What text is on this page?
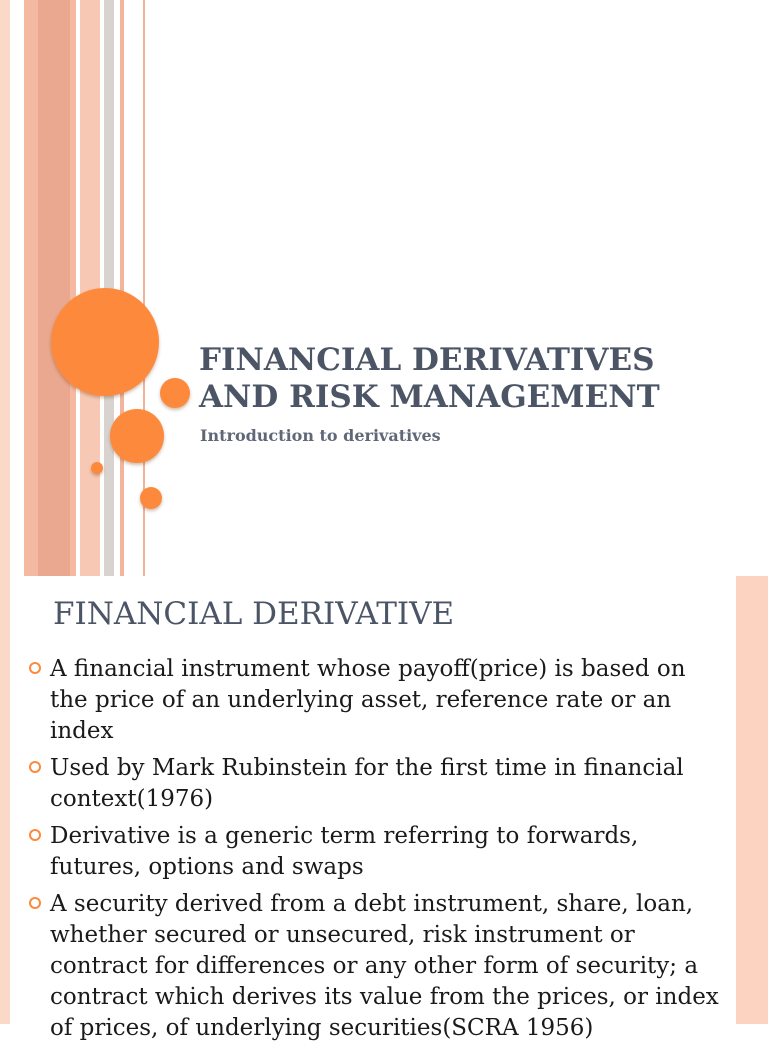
FINANCIAL DERIVATIVES
AND RISK MANAGEMENT

Introduction to derivatives

FINANCIAL DERIVATIVE
A financial instrument whose payoff(price) is based on the price of an underlying asset, reference rate or an index
Used by Mark Rubinstein for the first time in financial context(1976)
Derivative is a generic term referring to forwards, futures, options and swaps
A security derived from a debt instrument, share, loan, whether secured or unsecured, risk instrument or contract for differences or any other form of security; a contract which derives its value from the prices, or index of prices, of underlying securities(SCRA 1956)
